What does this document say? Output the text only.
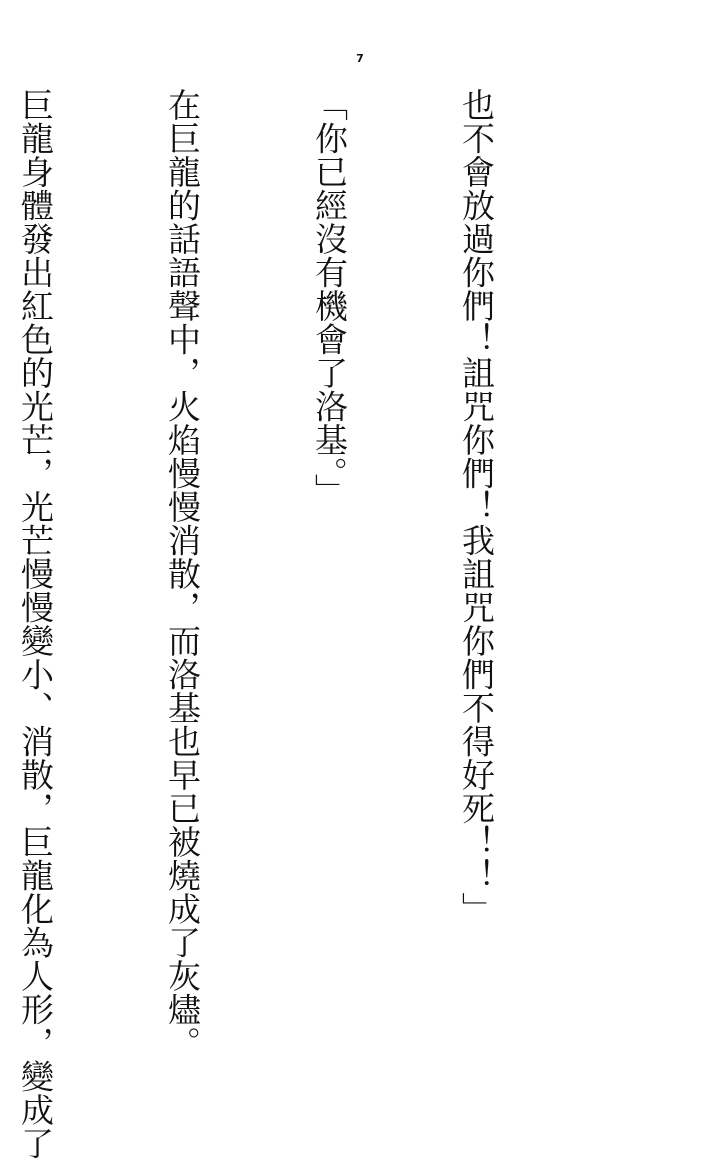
7

也不會放過你們！詛咒你們！我詛咒你們不得好死！！」

「你已經沒有機會了洛基。」

在巨龍的話語聲中，火焰慢慢消散，而洛基也早已被燒成了灰燼。

巨龍身體發出紅色的光芒，光芒慢慢變小、消散，巨龍化為人形，變成了
